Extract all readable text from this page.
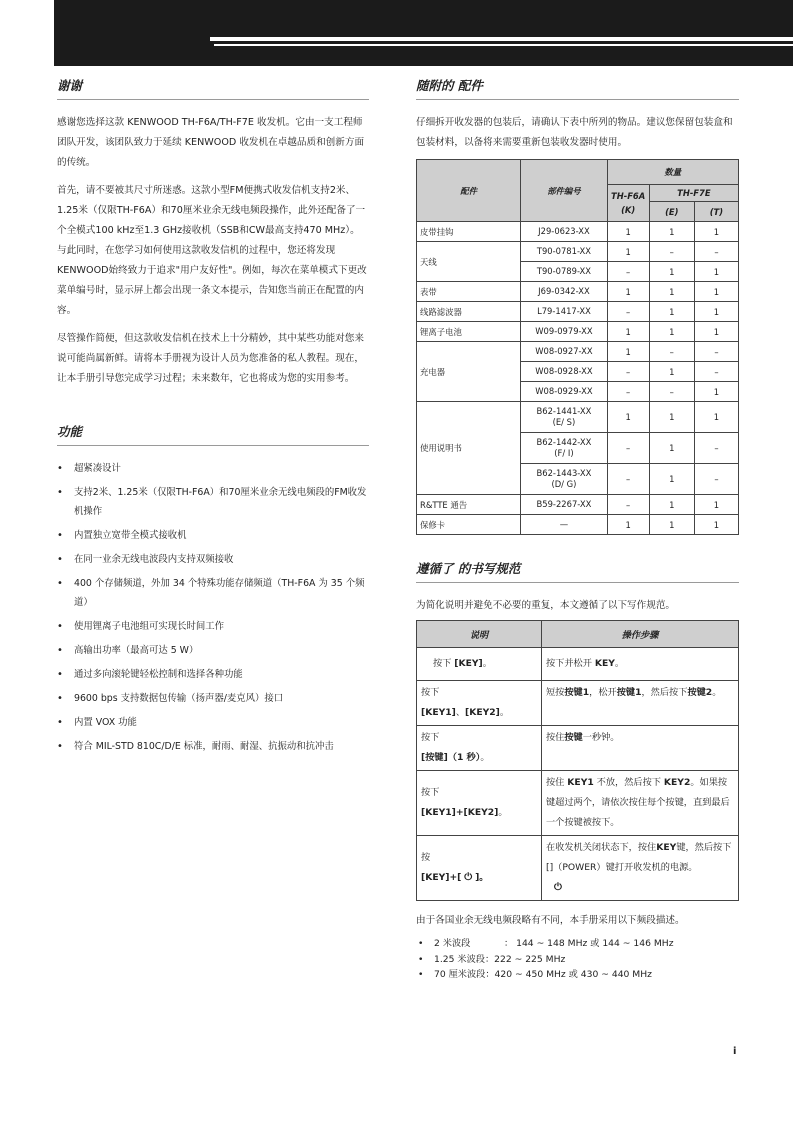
谢谢

感谢您选择这款 KENWOOD TH-F6A/TH-F7E 收发机。它由一支工程师团队开发，该团队致力于延续 KENWOOD 收发机在卓越品质和创新方面的传统。

首先，请不要被其尺寸所迷惑。这款小型FM便携式收发信机支持2米、1.25米（仅限TH-F6A）和70厘米业余无线电频段操作，此外还配备了一个全模式100 kHz至1.3 GHz接收机（SSB和CW最高支持470 MHz）。 与此同时，在您学习如何使用这款收发信机的过程中，您还将发现KENWOOD始终致力于追求"用户友好性"。例如，每次在菜单模式下更改菜单编号时，显示屏上都会出现一条文本提示，告知您当前正在配置的内容。

尽管操作简便，但这款收发信机在技术上十分精妙，其中某些功能对您来说可能尚属新鲜。请将本手册视为设计人员为您准备的私人教程。现在，让本手册引导您完成学习过程；未来数年，它也将成为您的实用参考。

功能
• 超紧凑设计
• 支持2米、1.25米（仅限TH-F6A）和70厘米业余无线电频段的FM收发机操作
• 内置独立宽带全模式接收机
• 在同一业余无线电波段内支持双频接收
• 400 个存储频道，外加 34 个特殊功能存储频道（TH-F6A 为 35 个频道）
• 使用锂离子电池组可实现长时间工作
• 高输出功率（最高可达 5 W）
• 通过多向滚轮键轻松控制和选择各种功能
• 9600 bps 支持数据包传输（扬声器/麦克风）接口
• 内置 VOX 功能
• 符合 MIL-STD 810C/D/E 标准，耐雨、耐湿、抗振动和抗冲击
随附的 配件

仔细拆开收发器的包装后，请确认下表中所列的物品。建议您保留包装盒和包装材料，以备将来需要重新包装收发器时使用。

配件	部件编号	数量		
		TH-F6A
(K)	TH-F7E	
			(E)	(T)
皮带挂钩	J29-0623-XX	1	1	1
天线	T90-0781-XX	1	–	–
	T90-0789-XX	–	1	1
表带	J69-0342-XX	1	1	1
线路滤波器	L79-1417-XX	–	1	1
锂离子电池	W09-0979-XX	1	1	1
充电器	W08-0927-XX	1	–	–
	W08-0928-XX	–	1	–
	W08-0929-XX	–	–	1
使用说明书	B62-1441-XX
(E/ S)	1	1	1
	B62-1442-XX
(F/ I)	–	1	–
	B62-1443-XX
(D/ G)	–	1	–
R&TTE 通告	B59-2267-XX	–	1	1
保修卡	—	1	1	1
遵循了 的书写规范

为简化说明并避免不必要的重复，本文遵循了以下写作规范。

说明	操作步骤
按下 [KEY]。	按下并松开 KEY。
按下
[KEY1]、[KEY2]。	短按按键1，松开按键1，然后按下按键2。
按下
[按键]（1 秒）。	按住按键一秒钟。
按下
[KEY1]+[KEY2]。	按住 KEY1 不放，然后按下 KEY2。如果按键超过两个，请依次按住每个按键，直到最后一个按键被按下。
按
[KEY]+[ ⏻ ]。	在收发机关闭状态下，按住KEY键，然后按下[]（POWER）键打开收发机的电源。
⏻

由于各国业余无线电频段略有不同，本手册采用以下频段描述。

• 2 米波段	： 144 ~ 148 MHz 或 144 ~ 146 MHz
• 1.25 米波段：222 ~ 225 MHz
• 70 厘米波段：420 ~ 450 MHz 或 430 ~ 440 MHz
i
